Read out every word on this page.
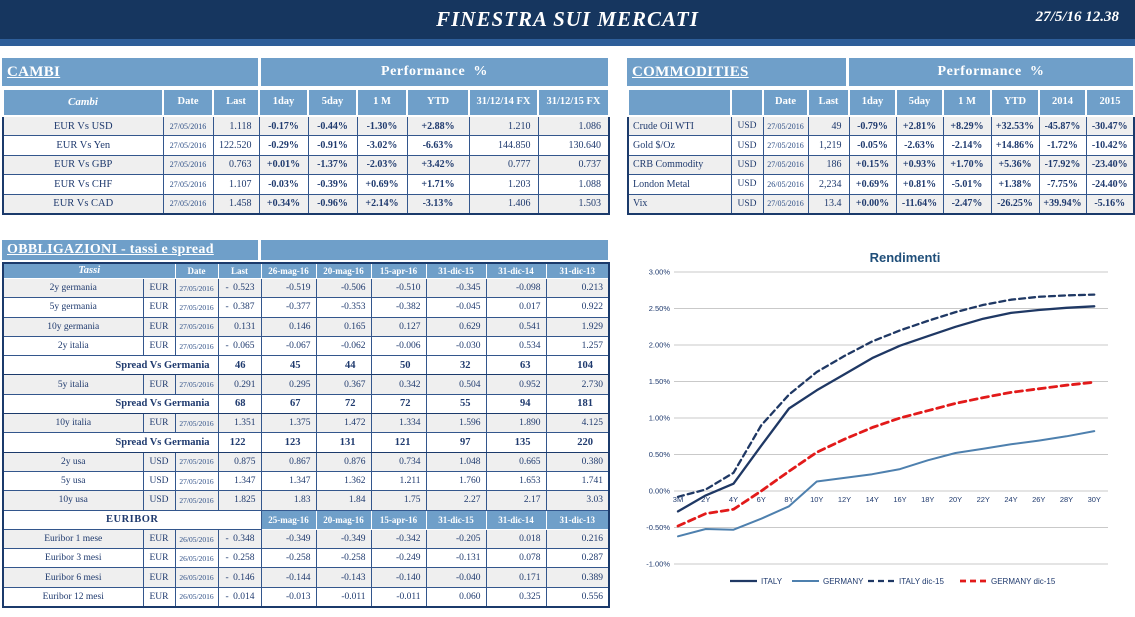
FINESTRA SUI MERCATI	27/5/16 12.38
CAMBI	Performance %
Cambi	Date	Last	1day	5day	1 M	YTD	31/12/14 FX	31/12/15 FX
EUR Vs USD	27/05/2016	1.118	-0.17%	-0.44%	-1.30%	+2.88%	1.210	1.086
EUR Vs Yen	27/05/2016	122.520	-0.29%	-0.91%	-3.02%	-6.63%	144.850	130.640
EUR Vs GBP	27/05/2016	0.763	+0.01%	-1.37%	-2.03%	+3.42%	0.777	0.737
EUR Vs CHF	27/05/2016	1.107	-0.03%	-0.39%	+0.69%	+1.71%	1.203	1.088
EUR Vs CAD	27/05/2016	1.458	+0.34%	-0.96%	+2.14%	-3.13%	1.406	1.503
COMMODITIES	Performance %
		Date	Last	1day	5day	1 M	YTD	2014	2015
Crude Oil WTI	USD	27/05/2016	49	-0.79%	+2.81%	+8.29%	+32.53%	-45.87%	-30.47%
Gold $/Oz	USD	27/05/2016	1,219	-0.05%	-2.63%	-2.14%	+14.86%	-1.72%	-10.42%
CRB Commodity	USD	27/05/2016	186	+0.15%	+0.93%	+1.70%	+5.36%	-17.92%	-23.40%
London Metal	USD	26/05/2016	2,234	+0.69%	+0.81%	-5.01%	+1.38%	-7.75%	-24.40%
Vix	USD	27/05/2016	13.4	+0.00%	-11.64%	-2.47%	-26.25%	+39.94%	-5.16%
OBBLIGAZIONI - tassi e spread
Tassi		Date	Last	26-mag-16	20-mag-16	15-apr-16	31-dic-15	31-dic-14	31-dic-13
2y germania	EUR	27/05/2016	- 0.523	-0.519	-0.506	-0.510	-0.345	-0.098	0.213
5y germania	EUR	27/05/2016	- 0.387	-0.377	-0.353	-0.382	-0.045	0.017	0.922
10y germania	EUR	27/05/2016	0.131	0.146	0.165	0.127	0.629	0.541	1.929
2y italia	EUR	27/05/2016	- 0.065	-0.067	-0.062	-0.006	-0.030	0.534	1.257
Spread Vs Germania			46	45	44	50	32	63	104
5y italia	EUR	27/05/2016	0.291	0.295	0.367	0.342	0.504	0.952	2.730
Spread Vs Germania			68	67	72	72	55	94	181
10y italia	EUR	27/05/2016	1.351	1.375	1.472	1.334	1.596	1.890	4.125
Spread Vs Germania			122	123	131	121	97	135	220
2y usa	USD	27/05/2016	0.875	0.867	0.876	0.734	1.048	0.665	0.380
5y usa	USD	27/05/2016	1.347	1.347	1.362	1.211	1.760	1.653	1.741
10y usa	USD	27/05/2016	1.825	1.83	1.84	1.75	2.27	2.17	3.03
EURIBOR				25-mag-16	20-mag-16	15-apr-16	31-dic-15	31-dic-14	31-dic-13
Euribor 1 mese	EUR	26/05/2016	- 0.348	-0.349	-0.349	-0.342	-0.205	0.018	0.216
Euribor 3 mesi	EUR	26/05/2016	- 0.258	-0.258	-0.258	-0.249	-0.131	0.078	0.287
Euribor 6 mesi	EUR	26/05/2016	- 0.146	-0.144	-0.143	-0.140	-0.040	0.171	0.389
Euribor 12 mesi	EUR	26/05/2016	- 0.014	-0.013	-0.011	-0.011	0.060	0.325	0.556
Rendimenti
3.00%
2.50%
2.00%
1.50%
1.00%
0.50%
0.00%
-0.50%
-1.00%
3M 2Y 4Y 6Y 8Y 10Y 12Y 14Y 16Y 18Y 20Y 22Y 24Y 26Y 28Y 30Y
ITALY	GERMANY	ITALY dic-15	GERMANY dic-15
